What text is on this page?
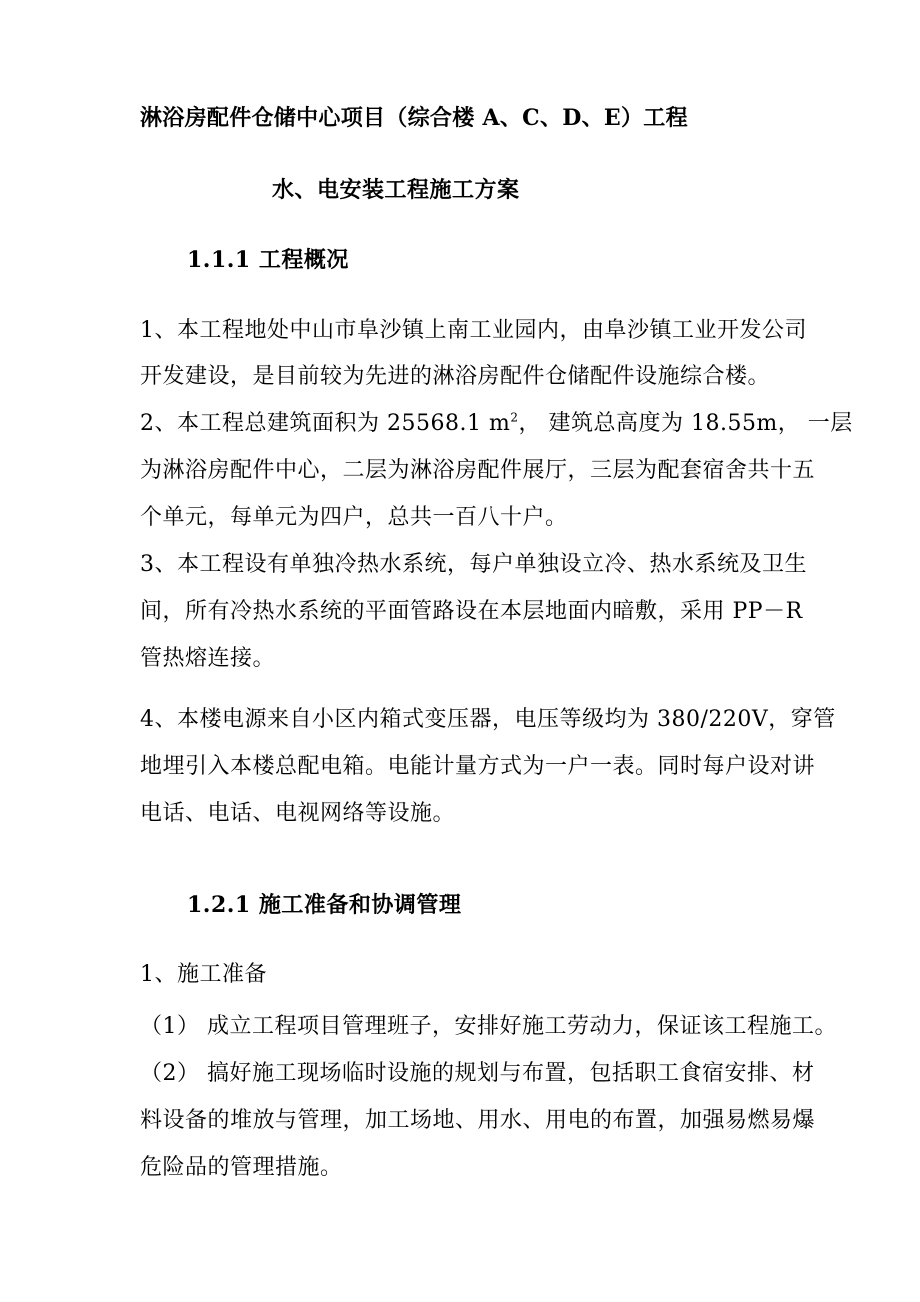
淋浴房配件仓储中心项目（综合楼 A、C、D、E）工程
水、电安装工程施工方案
1.1.1 工程概况
1、本工程地处中山市阜沙镇上南工业园内，由阜沙镇工业开发公司
开发建设，是目前较为先进的淋浴房配件仓储配件设施综合楼。
2、本工程总建筑面积为 25568.1 $m^2$， 建筑总高度为 18.55m， 一层
为淋浴房配件中心，二层为淋浴房配件展厅，三层为配套宿舍共十五
个单元，每单元为四户，总共一百八十户。
3、本工程设有单独冷热水系统，每户单独设立冷、热水系统及卫生
间，所有冷热水系统的平面管路设在本层地面内暗敷，采用 PP－R
管热熔连接。
4、本楼电源来自小区内箱式变压器，电压等级均为 380/220V，穿管
地埋引入本楼总配电箱。电能计量方式为一户一表。同时每户设对讲
电话、电话、电视网络等设施。
1.2.1 施工准备和协调管理
1、施工准备
（1） 成立工程项目管理班子，安排好施工劳动力，保证该工程施工。
（2） 搞好施工现场临时设施的规划与布置，包括职工食宿安排、材
料设备的堆放与管理，加工场地、用水、用电的布置，加强易燃易爆
危险品的管理措施。
